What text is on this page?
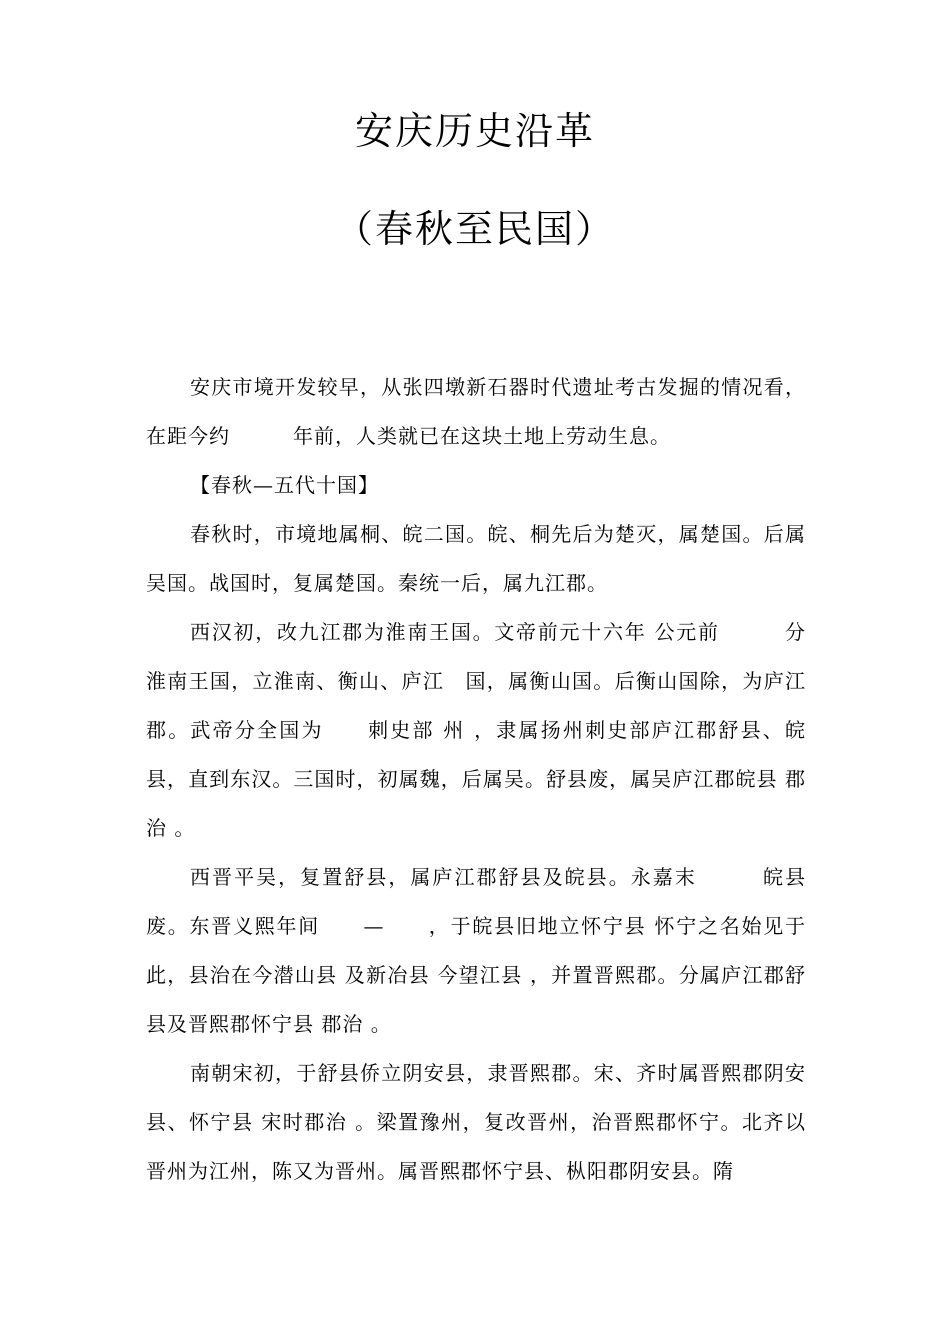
安庆历史沿革
（春秋至民国）

安庆市境开发较早，从张四墩新石器时代遗址考古发掘的情况看，在距今约　　　年前，人类就已在这块土地上劳动生息。

【春秋—五代十国】

春秋时，市境地属桐、皖二国。皖、桐先后为楚灭，属楚国。后属吴国。战国时，复属楚国。秦统一后，属九江郡。

西汉初，改九江郡为淮南王国。文帝前元十六年 公元前　　　分淮南王国，立淮南、衡山、庐江　国，属衡山国。后衡山国除，为庐江郡。武帝分全国为　　刺史部 州 ，隶属扬州刺史部庐江郡舒县、皖县，直到东汉。三国时，初属魏，后属吴。舒县废，属吴庐江郡皖县 郡治 。

西晋平吴，复置舒县，属庐江郡舒县及皖县。永嘉末　　　皖县废。东晋义熙年间　　—　　，于皖县旧地立怀宁县 怀宁之名始见于此，县治在今潜山县 及新冶县 今望江县 ，并置晋熙郡。分属庐江郡舒县及晋熙郡怀宁县 郡治 。

南朝宋初，于舒县侨立阴安县，隶晋熙郡。宋、齐时属晋熙郡阴安县、怀宁县 宋时郡治 。梁置豫州，复改晋州，治晋熙郡怀宁。北齐以晋州为江州，陈又为晋州。属晋熙郡怀宁县、枞阳郡阴安县。隋
